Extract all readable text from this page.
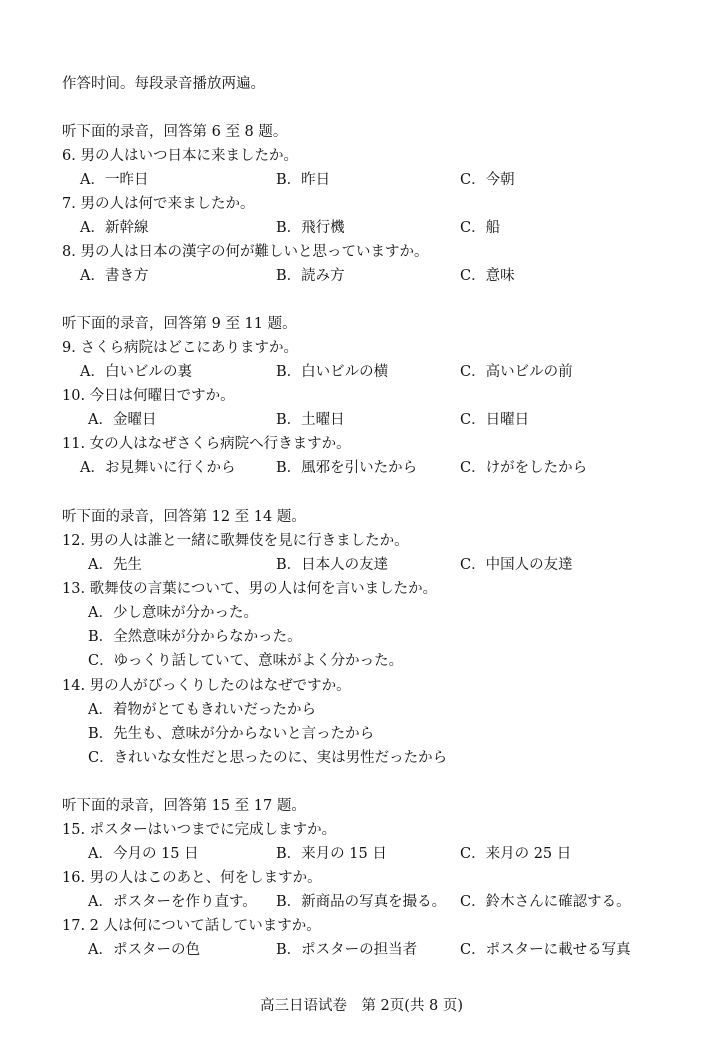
作答时间。每段录音播放两遍。
听下面的录音，回答第 6 至 8 题。
6. 男の人はいつ日本に来ましたか。
A．一昨日	B．昨日	C．今朝
7. 男の人は何で来ましたか。
A．新幹線	B．飛行機	C．船
8. 男の人は日本の漢字の何が難しいと思っていますか。
A．書き方	B．読み方	C．意味
听下面的录音，回答第 9 至 11 题。
9. さくら病院はどこにありますか。
A．白いビルの裏	B．白いビルの横	C．高いビルの前
10. 今日は何曜日ですか。
A．金曜日	B．土曜日	C．日曜日
11. 女の人はなぜさくら病院へ行きますか。
A．お見舞いに行くから	B．風邪を引いたから	C．けがをしたから
听下面的录音，回答第 12 至 14 题。
12. 男の人は誰と一緒に歌舞伎を見に行きましたか。
A．先生	B．日本人の友達	C．中国人の友達
13. 歌舞伎の言葉について、男の人は何を言いましたか。
A．少し意味が分かった。
B．全然意味が分からなかった。
C．ゆっくり話していて、意味がよく分かった。
14. 男の人がびっくりしたのはなぜですか。
A．着物がとてもきれいだったから
B．先生も、意味が分からないと言ったから
C．きれいな女性だと思ったのに、実は男性だったから
听下面的录音，回答第 15 至 17 题。
15. ポスターはいつまでに完成しますか。
A．今月の 15 日	B．来月の 15 日	C．来月の 25 日
16. 男の人はこのあと、何をしますか。
A．ポスターを作り直す。 B．新商品の写真を撮る。 C．鈴木さんに確認する。
17. 2 人は何について話していますか。
A．ポスターの色	B．ポスターの担当者	C．ポスターに載せる写真
高三日语试卷　第 2页(共 8 页)
